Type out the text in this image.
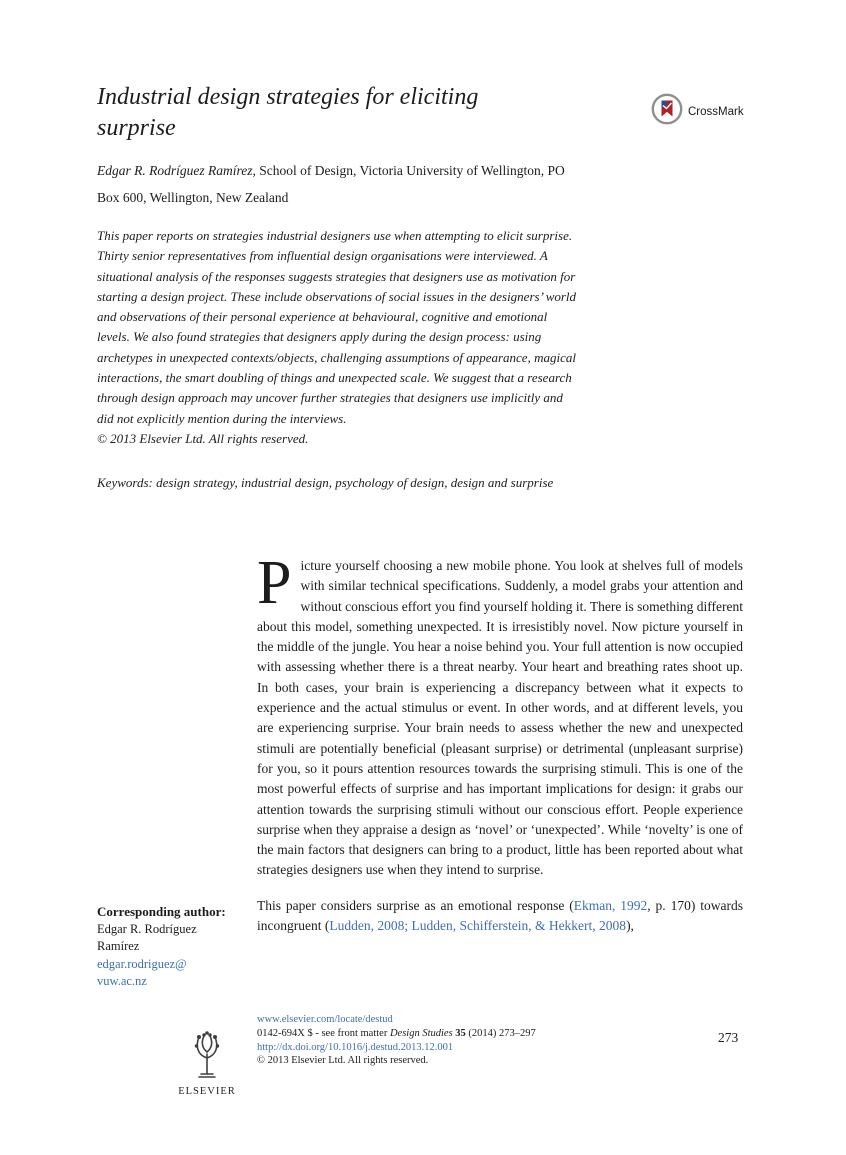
Industrial design strategies for eliciting
surprise
CrossMark
Edgar R. Rodríguez Ramírez, School of Design, Victoria University of Wellington, PO Box 600, Wellington, New Zealand
This paper reports on strategies industrial designers use when attempting to elicit surprise. Thirty senior representatives from influential design organisations were interviewed. A situational analysis of the responses suggests strategies that designers use as motivation for starting a design project. These include observations of social issues in the designers’ world and observations of their personal experience at behavioural, cognitive and emotional levels. We also found strategies that designers apply during the design process: using archetypes in unexpected contexts/objects, challenging assumptions of appearance, magical interactions, the smart doubling of things and unexpected scale. We suggest that a research through design approach may uncover further strategies that designers use implicitly and did not explicitly mention during the interviews.
© 2013 Elsevier Ltd. All rights reserved.
Keywords: design strategy, industrial design, psychology of design, design and surprise
Picture yourself choosing a new mobile phone. You look at shelves full of models with similar technical specifications. Suddenly, a model grabs your attention and without conscious effort you find yourself holding it. There is something different about this model, something unexpected. It is irresistibly novel. Now picture yourself in the middle of the jungle. You hear a noise behind you. Your full attention is now occupied with assessing whether there is a threat nearby. Your heart and breathing rates shoot up. In both cases, your brain is experiencing a discrepancy between what it expects to experience and the actual stimulus or event. In other words, and at different levels, you are experiencing surprise. Your brain needs to assess whether the new and unexpected stimuli are potentially beneficial (pleasant surprise) or detrimental (unpleasant surprise) for you, so it pours attention resources towards the surprising stimuli. This is one of the most powerful effects of surprise and has important implications for design: it grabs our attention towards the surprising stimuli without our conscious effort. People experience surprise when they appraise a design as ‘novel’ or ‘unexpected’. While ‘novelty’ is one of the main factors that designers can bring to a product, little has been reported about what strategies designers use when they intend to surprise.
This paper considers surprise as an emotional response (Ekman, 1992, p. 170) towards incongruent (Ludden, 2008; Ludden, Schifferstein, & Hekkert, 2008),
Corresponding author:
Edgar R. Rodríguez
Ramírez
edgar.rodriguez@
vuw.ac.nz
ELSEVIER
www.elsevier.com/locate/destud
0142-694X $ - see front matter Design Studies 35 (2014) 273–297
http://dx.doi.org/10.1016/j.destud.2013.12.001
© 2013 Elsevier Ltd. All rights reserved.
273
